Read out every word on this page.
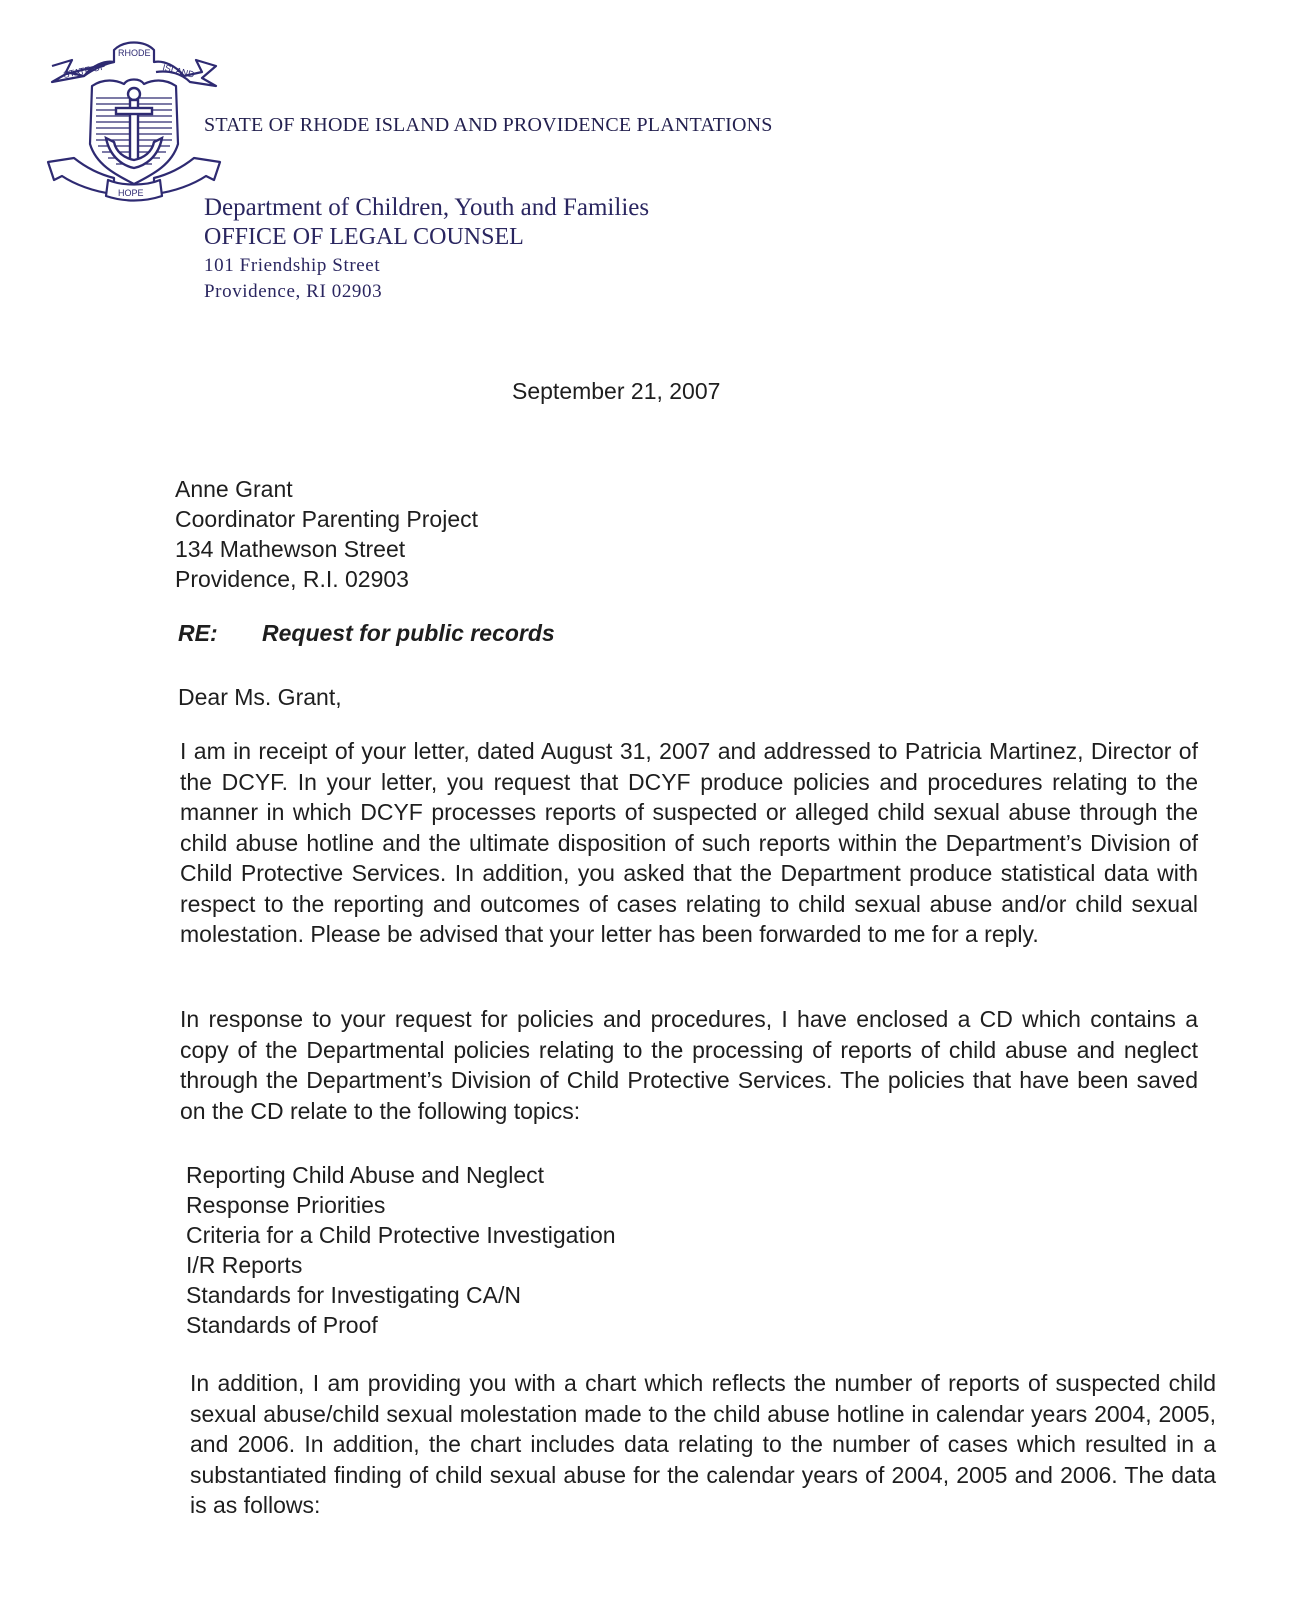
STATE OF
RHODE
ISLAND
HOPE
STATE OF RHODE ISLAND AND PROVIDENCE PLANTATIONS
Department of Children, Youth and Families
OFFICE OF LEGAL COUNSEL
101 Friendship Street
Providence, RI 02903
September 21, 2007
Anne Grant
Coordinator Parenting Project
134 Mathewson Street
Providence, R.I. 02903
RE: Request for public records
Dear Ms. Grant,
I am in receipt of your letter, dated August 31, 2007 and addressed to Patricia Martinez, Director of the DCYF. In your letter, you request that DCYF produce policies and procedures relating to the manner in which DCYF processes reports of suspected or alleged child sexual abuse through the child abuse hotline and the ultimate disposition of such reports within the Department’s Division of Child Protective Services. In addition, you asked that the Department produce statistical data with respect to the reporting and outcomes of cases relating to child sexual abuse and/or child sexual molestation. Please be advised that your letter has been forwarded to me for a reply.
In response to your request for policies and procedures, I have enclosed a CD which contains a copy of the Departmental policies relating to the processing of reports of child abuse and neglect through the Department’s Division of Child Protective Services. The policies that have been saved on the CD relate to the following topics:
Reporting Child Abuse and Neglect
Response Priorities
Criteria for a Child Protective Investigation
I/R Reports
Standards for Investigating CA/N
Standards of Proof
In addition, I am providing you with a chart which reflects the number of reports of suspected child sexual abuse/child sexual molestation made to the child abuse hotline in calendar years 2004, 2005, and 2006. In addition, the chart includes data relating to the number of cases which resulted in a substantiated finding of child sexual abuse for the calendar years of 2004, 2005 and 2006. The data is as follows:
